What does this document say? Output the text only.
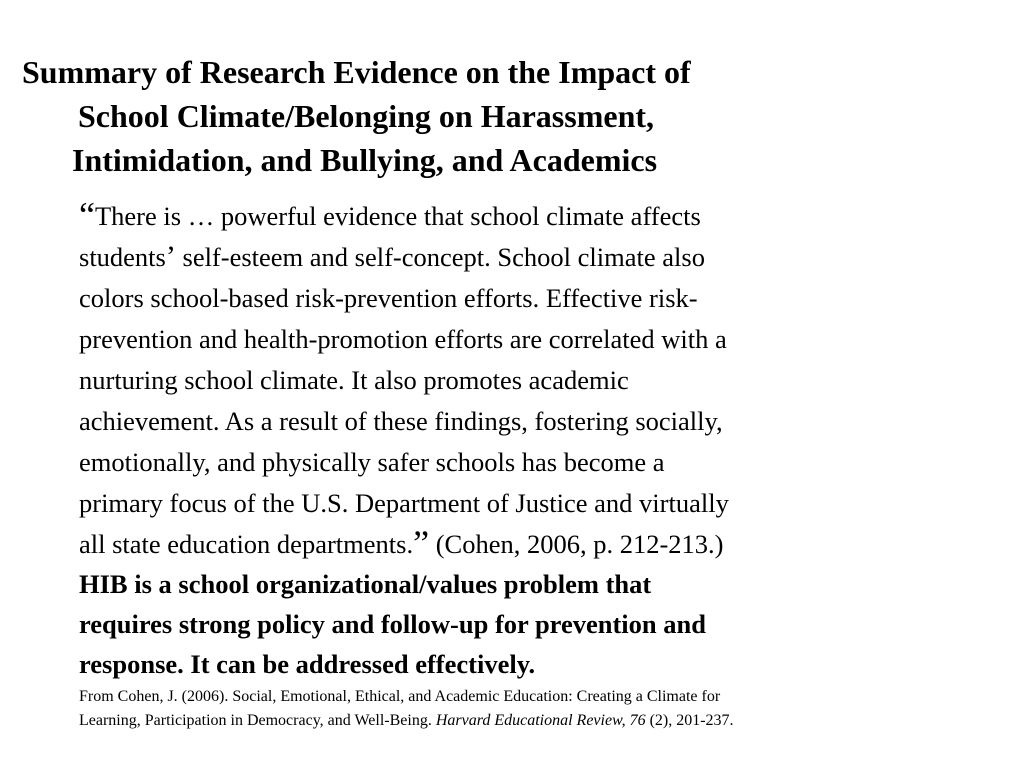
Summary of Research Evidence on the Impact of
School Climate/Belonging on Harassment,
Intimidation, and Bullying, and Academics
“There is … powerful evidence that school climate affects
students’ self-esteem and self-concept. School climate also
colors school-based risk-prevention efforts. Effective risk-
prevention and health-promotion efforts are correlated with a
nurturing school climate. It also promotes academic
achievement. As a result of these findings, fostering socially,
emotionally, and physically safer schools has become a
primary focus of the U.S. Department of Justice and virtually
all state education departments.” (Cohen, 2006, p. 212-213.)
HIB is a school organizational/values problem that
requires strong policy and follow-up for prevention and
response. It can be addressed effectively.
From Cohen, J. (2006). Social, Emotional, Ethical, and Academic Education: Creating a Climate for
Learning, Participation in Democracy, and Well-Being. Harvard Educational Review, 76 (2), 201-237.
